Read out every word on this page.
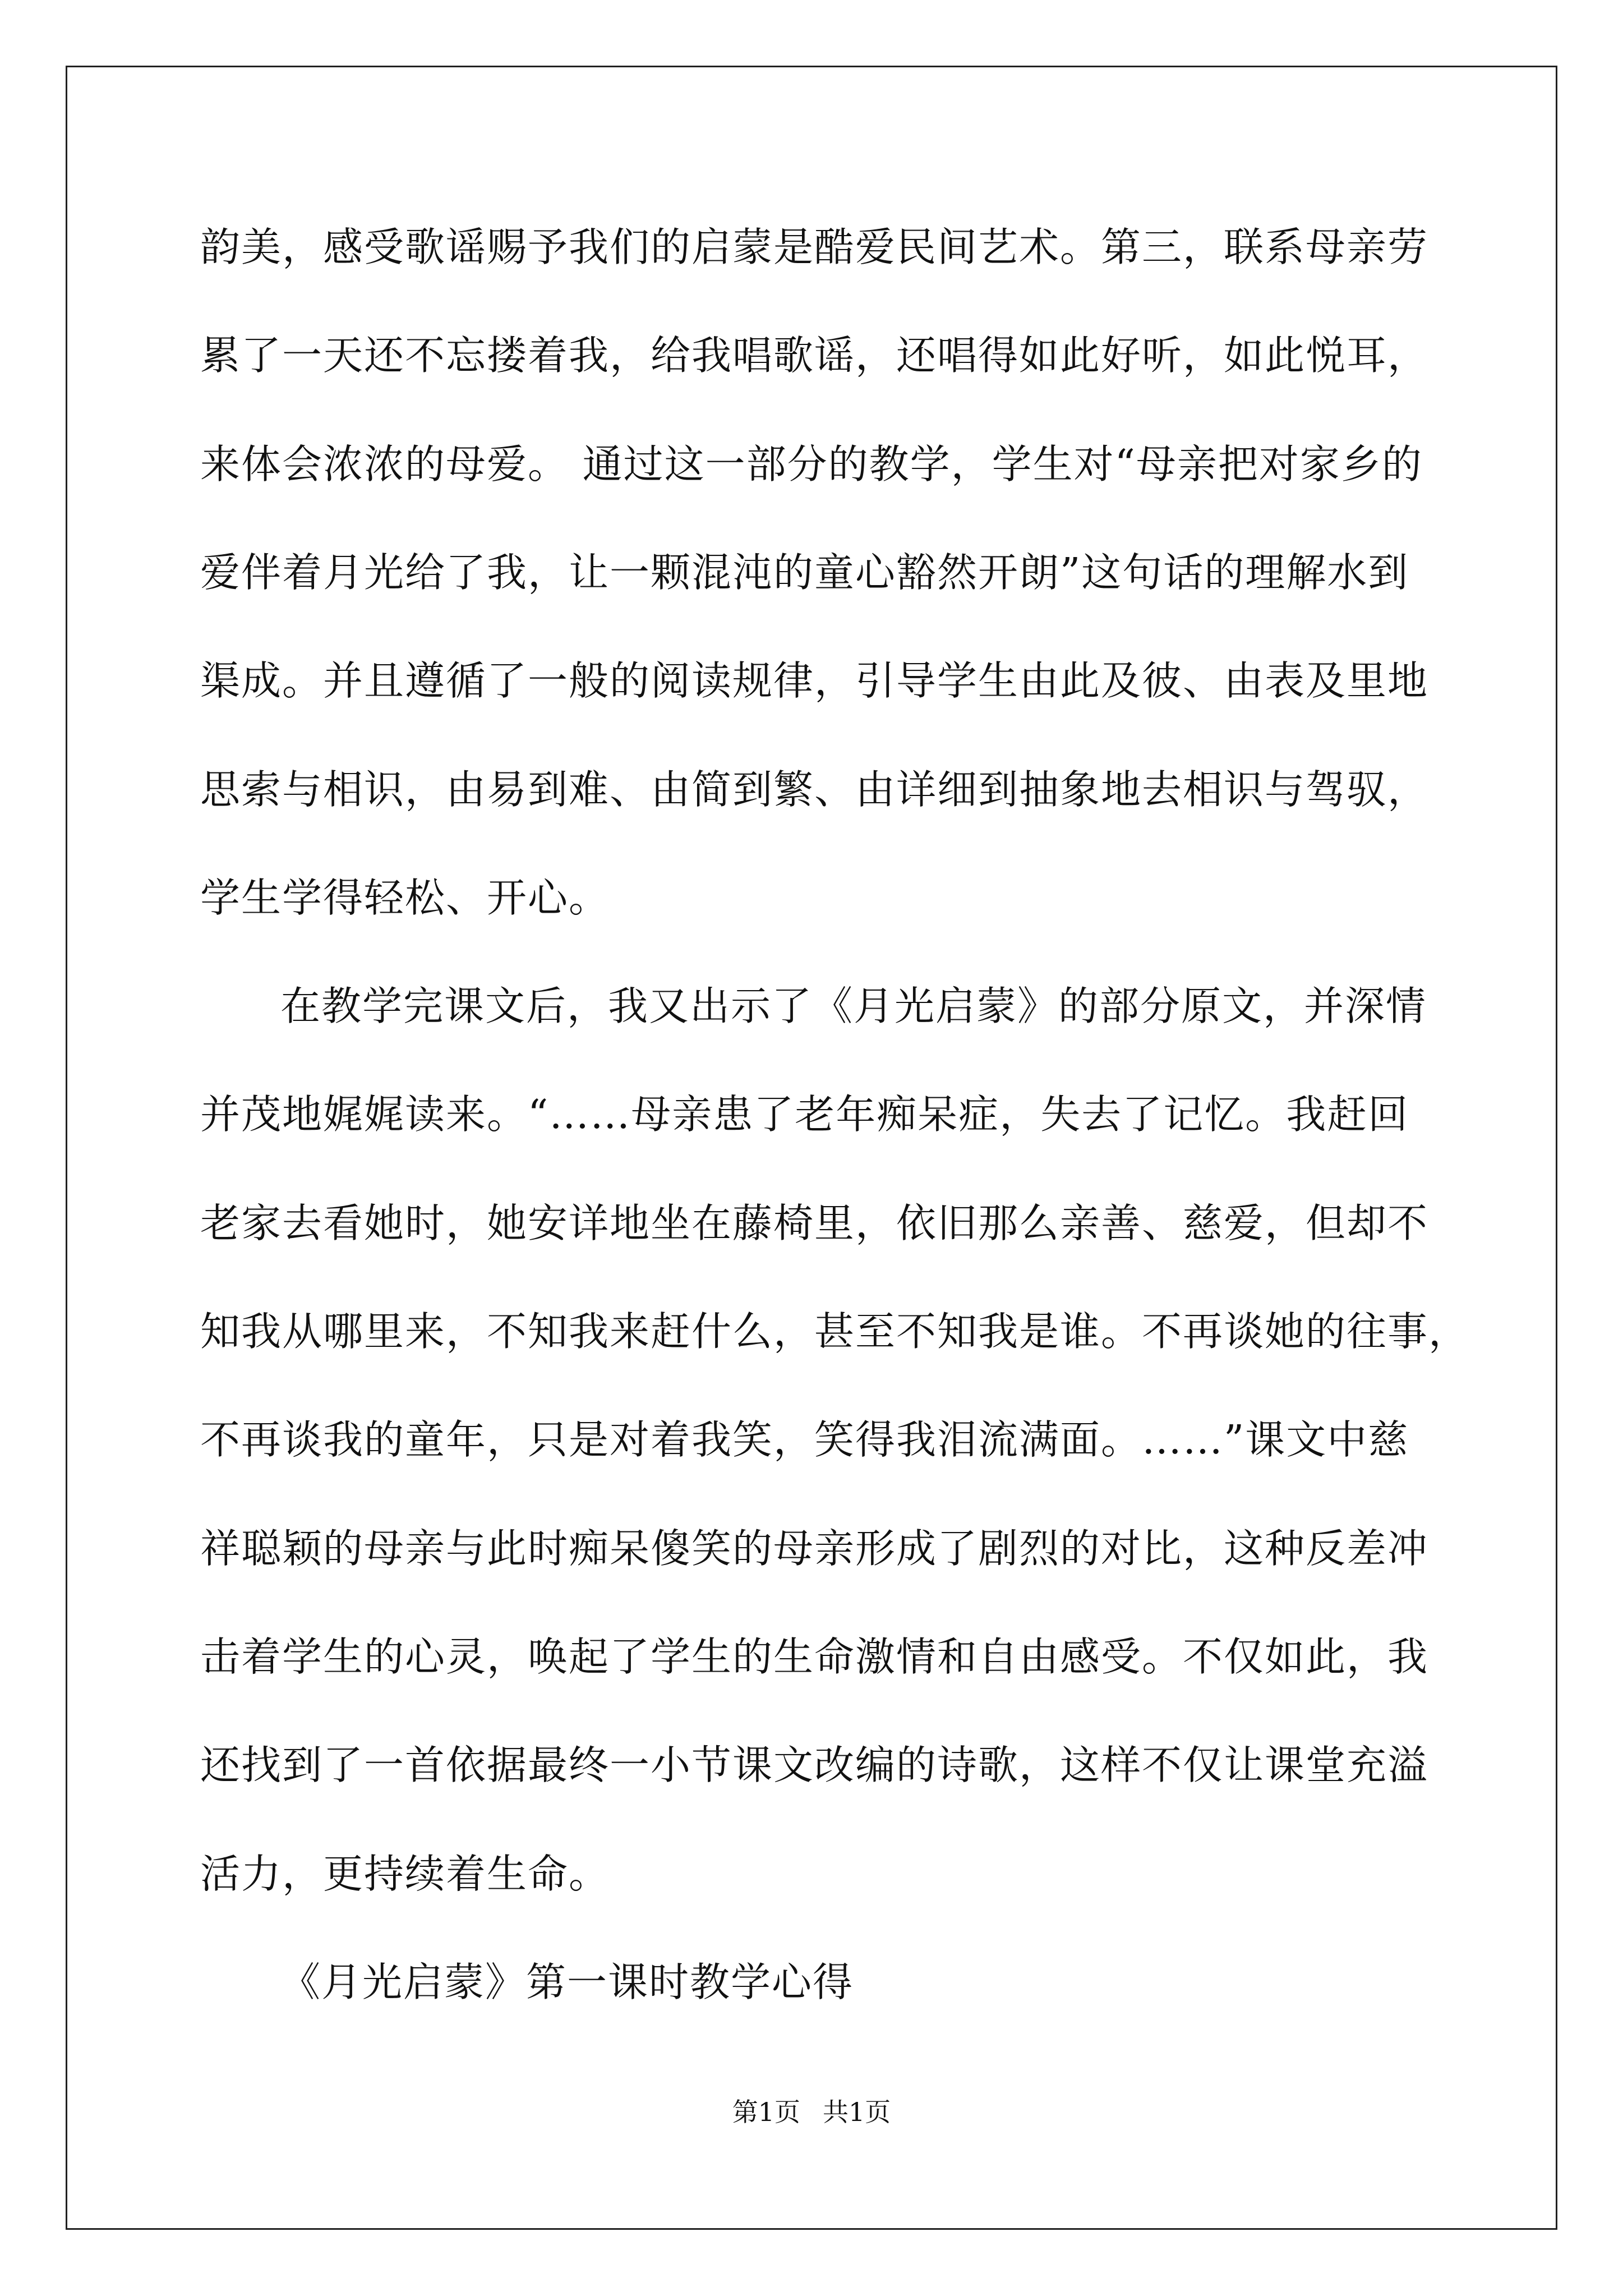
韵美，感受歌谣赐予我们的启蒙是酷爱民间艺术。第三，联系母亲劳

累了一天还不忘搂着我，给我唱歌谣，还唱得如此好听，如此悦耳，

来体会浓浓的母爱。 通过这一部分的教学，学生对“母亲把对家乡的

爱伴着月光给了我，让一颗混沌的童心豁然开朗”这句话的理解水到

渠成。并且遵循了一般的阅读规律，引导学生由此及彼、由表及里地

思索与相识，由易到难、由简到繁、由详细到抽象地去相识与驾驭，

学生学得轻松、开心。

在教学完课文后，我又出示了《月光启蒙》的部分原文，并深情

并茂地娓娓读来。“……母亲患了老年痴呆症，失去了记忆。我赶回

老家去看她时，她安详地坐在藤椅里，依旧那么亲善、慈爱，但却不

知我从哪里来，不知我来赶什么，甚至不知我是谁。不再谈她的往事，

不再谈我的童年，只是对着我笑，笑得我泪流满面。……”课文中慈

祥聪颖的母亲与此时痴呆傻笑的母亲形成了剧烈的对比，这种反差冲

击着学生的心灵，唤起了学生的生命激情和自由感受。不仅如此，我

还找到了一首依据最终一小节课文改编的诗歌，这样不仅让课堂充溢

活力，更持续着生命。

《月光启蒙》第一课时教学心得

第1页 共1页
